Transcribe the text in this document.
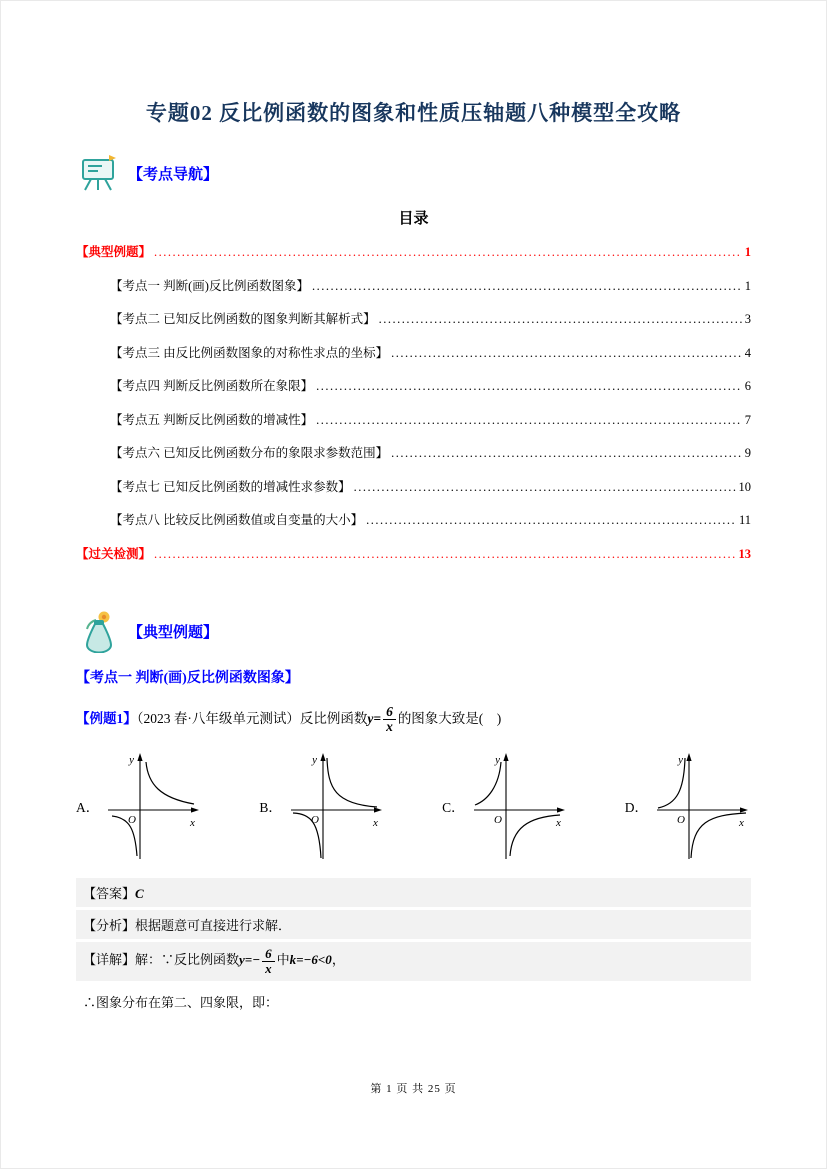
专题02 反比例函数的图象和性质压轴题八种模型全攻略
【考点导航】
目录
【典型例题】 .....	1
【考点一 判断(画)反比例函数图象】 .....	1
【考点二 已知反比例函数的图象判断其解析式】 .....	3
【考点三 由反比例函数图象的对称性求点的坐标】 .....	4
【考点四 判断反比例函数所在象限】 .....	6
【考点五 判断反比例函数的增减性】 .....	7
【考点六 已知反比例函数分布的象限求参数范围】 .....	9
【考点七 已知反比例函数的增减性求参数】 .....	10
【考点八 比较反比例函数值或自变量的大小】 .....	11
【过关检测】 .....	13
【典型例题】
【考点一 判断(画)反比例函数图象】
【例题1】（2023 春·八年级单元测试）反比例函数$y= \frac{6}{x}$ 的图象大致是(　)
A．
y
x
O
B．
y
x
O
C．
y
x
O
D．
y
x
O
【答案】C
【分析】根据题意可直接进行求解．
【详解】解：∵反比例函数$y=- \frac{6}{x}$ 中k=−6<0，
∴图象分布在第二、四象限，即：
第 1 页 共 25 页
